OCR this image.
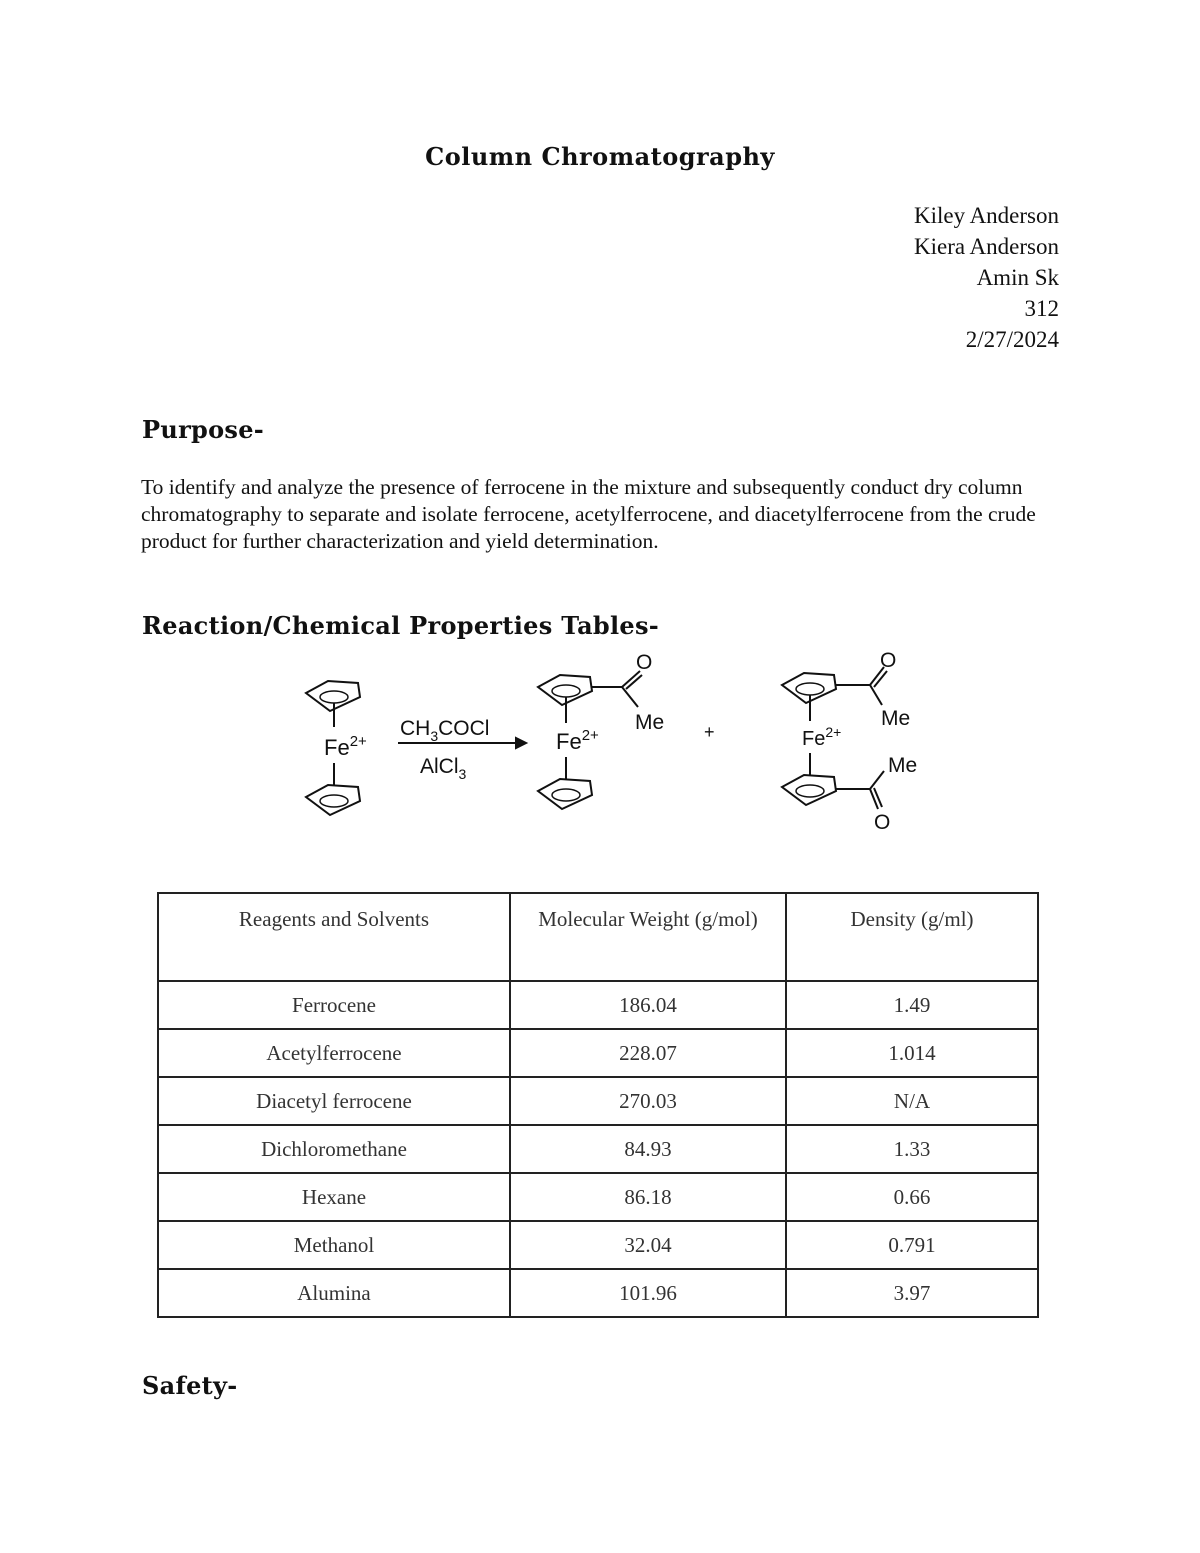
Column Chromatography
Kiley Anderson
Kiera Anderson
Amin Sk
312
2/27/2024
Purpose-
To identify and analyze the presence of ferrocene in the mixture and subsequently conduct dry column chromatography to separate and isolate ferrocene, acetylferrocene, and diacetylferrocene from the crude product for further characterization and yield determination.
Reaction/Chemical Properties Tables-
$Fe^{2+}$
$CH_3COCl$
AlCl$_3$
$Fe^{2+}$
O
Me +	$Fe^{2+}$
O
Me
Me
O
Reagents and Solvents	Molecular Weight (g/mol)	Density (g/ml)
Ferrocene	186.04	1.49
Acetylferrocene	228.07	1.014
Diacetyl ferrocene	270.03	N/A
Dichloromethane	84.93	1.33
Hexane	86.18	0.66
Methanol	32.04	0.791
Alumina	101.96	3.97
Safety-
